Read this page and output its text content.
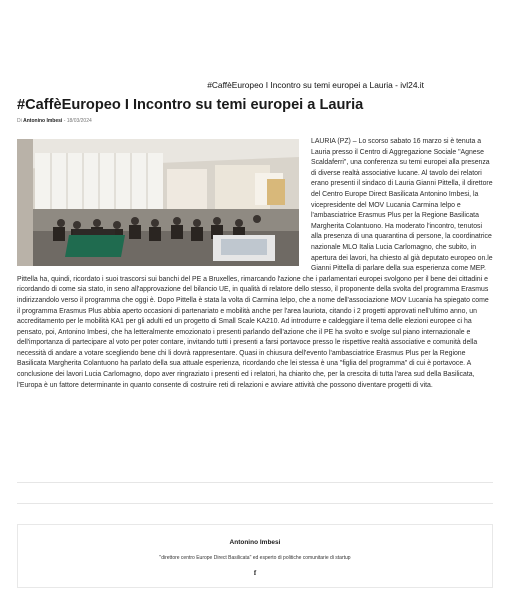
#CaffèEuropeo I Incontro su temi europei a Lauria - ivl24.it
#CaffèEuropeo I Incontro su temi europei a Lauria
Di Antonino Imbesi - 18/03/2024
LAURIA (PZ) – Lo scorso sabato 16 marzo si è tenuta a Lauria presso il Centro di Aggregazione Sociale "Agnese Scaldaferri", una conferenza su temi europei alla presenza di diverse realtà associative lucane. Al tavolo dei relatori erano presenti il sindaco di Lauria Gianni Pittella, il direttore del Centro Europe Direct Basilicata Antonino Imbesi, la vicepresidente del MOV Lucania Carmina Ielpo e l'ambasciatrice Erasmus Plus per la Regione Basilicata Margherita Colantuono. Ha moderato l'incontro, tenutosi alla presenza di una quarantina di persone, la coordinatrice nazionale MLO Italia Lucia Carlomagno, che subito, in apertura dei lavori, ha chiesto al già deputato europeo on.le Gianni Pittella di parlare della sua esperienza come MEP. Pittella ha, quindi, ricordato i suoi trascorsi sui banchi del PE a Bruxelles, rimarcando l'azione che i parlamentari europei svolgono per il bene dei cittadini e ricordando di come sia stato, in seno all'approvazione del bilancio UE, in qualità di relatore dello stesso, il proponente della svolta del programma Erasmus indirizzandolo verso il programma che oggi è. Dopo Pittella è stata la volta di Carmina Ielpo, che a nome dell'associazione MOV Lucania ha spiegato come il programma Erasmus Plus abbia aperto occasioni di partenariato e mobilità anche per l'area lauriota, citando i 2 progetti approvati nell'ultimo anno, un accreditamento per le mobilità KA1 per gli adulti ed un progetto di Small Scale KA210. Ad introdurre e caldeggiare il tema delle elezioni europee ci ha pensato, poi, Antonino Imbesi, che ha letteralmente emozionato i presenti parlando dell'azione che il PE ha svolto e svolge sul piano internazionale e dell'importanza di partecipare al voto per poter contare, invitando tutti i presenti a farsi portavoce presso le rispettive realtà associative e comunità della necessità di andare a votare scegliendo bene chi li dovrà rappresentare. Quasi in chiusura dell'evento l'ambasciatrice Erasmus Plus per la Regione Basilicata Margherita Colantuono ha parlato della sua attuale esperienza, ricordando che lei stessa è una "figlia del programma" di cui è portavoce. A conclusione dei lavori Lucia Carlomagno, dopo aver ringraziato i presenti ed i relatori, ha chiarito che, per la crescita di tutta l'area sud della Basilicata, l'Europa è un fattore determinante in quanto consente di costruire reti di relazioni e avviare attività che possono diventare progetti di vita.
Antonino Imbesi
"direttore centro Europe Direct Basilicata" ed esperto di politiche comunitarie di startup
f
